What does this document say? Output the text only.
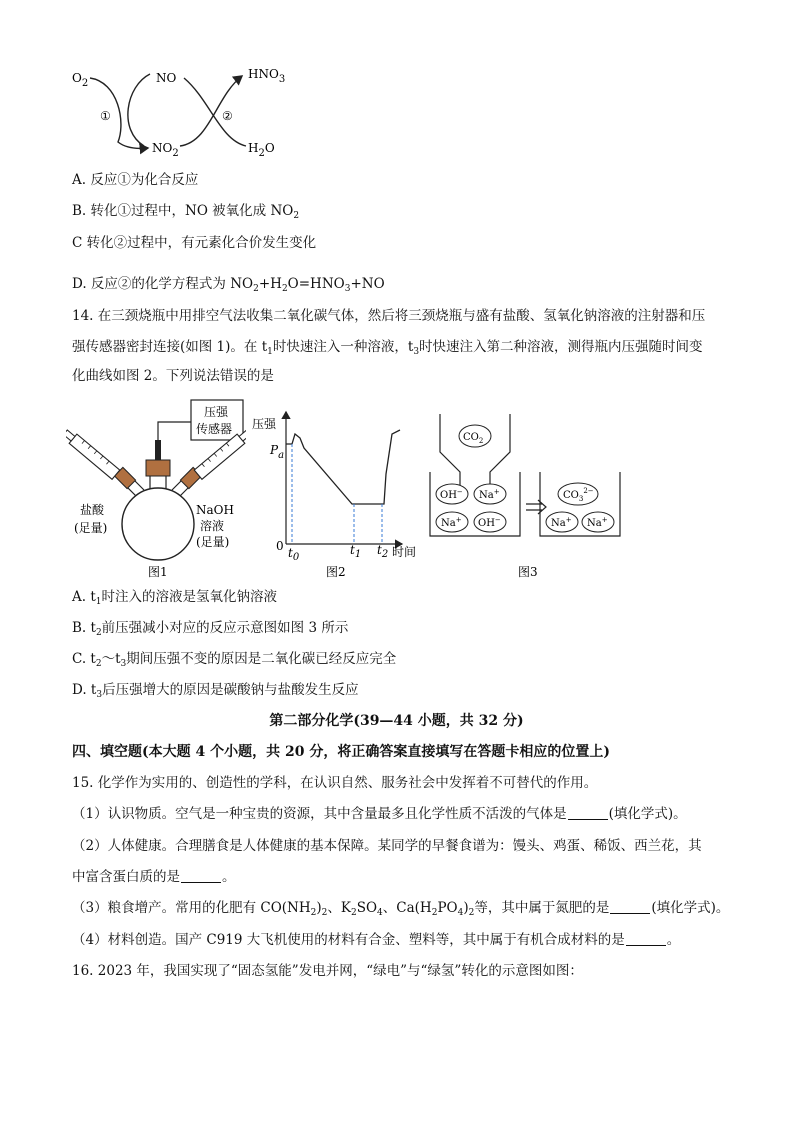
$O_2$	NO	$HNO_3$
$NO_2$	$H_2O$
①	②
A. 反应①为化合反应
B. 转化①过程中，NO 被氧化成 $NO_2$
C 转化②过程中，有元素化合价发生变化
D. 反应②的化学方程式为 $NO_2+H_2O=HNO_3+NO$
14. 在三颈烧瓶中用排空气法收集二氧化碳气体，然后将三颈烧瓶与盛有盐酸、氢氧化钠溶液的注射器和压
强传感器密封连接(如图 1)。在 $t_1$时快速注入一种溶液，$t_3$时快速注入第二种溶液，测得瓶内压强随时间变
化曲线如图 2。下列说法错误的是
压强
传感器
盐酸
(足量)
NaOH
溶液
(足量)
图1
压强
$P_a$
0 $t_0$
$t_1$ $t_2$ 时间
图2
$CO_2$
OH− Na+
Na+ OH−
$CO_3^{2-}$
Na+ Na+
图3
A. $t_1$时注入的溶液是氢氧化钠溶液
B. $t_2$前压强减小对应的反应示意图如图 3 所示
C. $t_2\sim t_3$期间压强不变的原因是二氧化碳已经反应完全
D. $t_3$后压强增大的原因是碳酸钠与盐酸发生反应
第二部分化学(39—44 小题，共 32 分)
四、填空题(本大题 4 个小题，共 20 分，将正确答案直接填写在答题卡相应的位置上)
15. 化学作为实用的、创造性的学科，在认识自然、服务社会中发挥着不可替代的作用。
（1）认识物质。空气是一种宝贵的资源，其中含量最多且化学性质不活泼的气体是	(填化学式)。
（2）人体健康。合理膳食是人体健康的基本保障。某同学的早餐食谱为：馒头、鸡蛋、稀饭、西兰花，其
中富含蛋白质的是	。
（3）粮食增产。常用的化肥有 $CO(NH_2)_2$、$K_2SO_4$、$Ca(H_2PO_4)_2$等，其中属于氮肥的是	(填化学式)。
（4）材料创造。国产 C919 大飞机使用的材料有合金、塑料等，其中属于有机合成材料的是	。
16. 2023 年，我国实现了“固态氢能”发电并网，“绿电”与“绿氢”转化的示意图如图：
